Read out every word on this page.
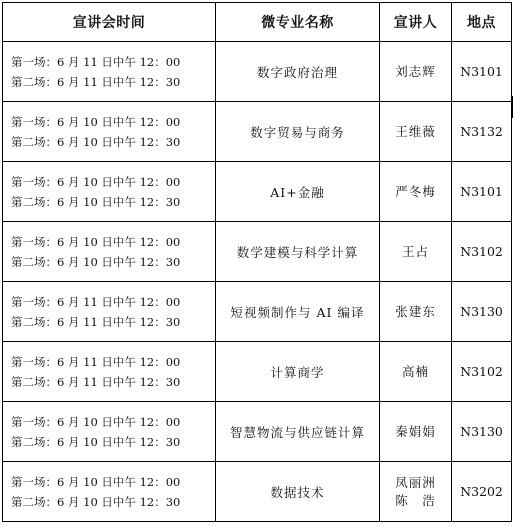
宣讲会时间	微专业名称	宣讲人	地点

第一场：6 月 11 日中午 12：00
第二场：6 月 11 日中午 12：30	数字政府治理	刘志辉	N3101

第一场：6 月 10 日中午 12：00
第二场：6 月 10 日中午 12：30	数字贸易与商务	王维薇	N3132

第一场：6 月 10 日中午 12：00
第二场：6 月 10 日中午 12：30	AI+金融	严冬梅	N3101

第一场：6 月 10 日中午 12：00
第二场：6 月 10 日中午 12：30	数学建模与科学计算	王占	N3102

第一场：6 月 11 日中午 12：00
第二场：6 月 11 日中午 12：30	短视频制作与 AI 编译	张建东	N3130

第一场：6 月 11 日中午 12：00
第二场：6 月 11 日中午 12：30	计算商学	高楠	N3102

第一场：6 月 10 日中午 12：00
第二场：6 月 10 日中午 12：30	智慧物流与供应链计算	秦娟娟	N3130

第一场：6 月 10 日中午 12：00
第二场：6 月 10 日中午 12：30	数据技术	凤丽洲
陈　浩	N3202
